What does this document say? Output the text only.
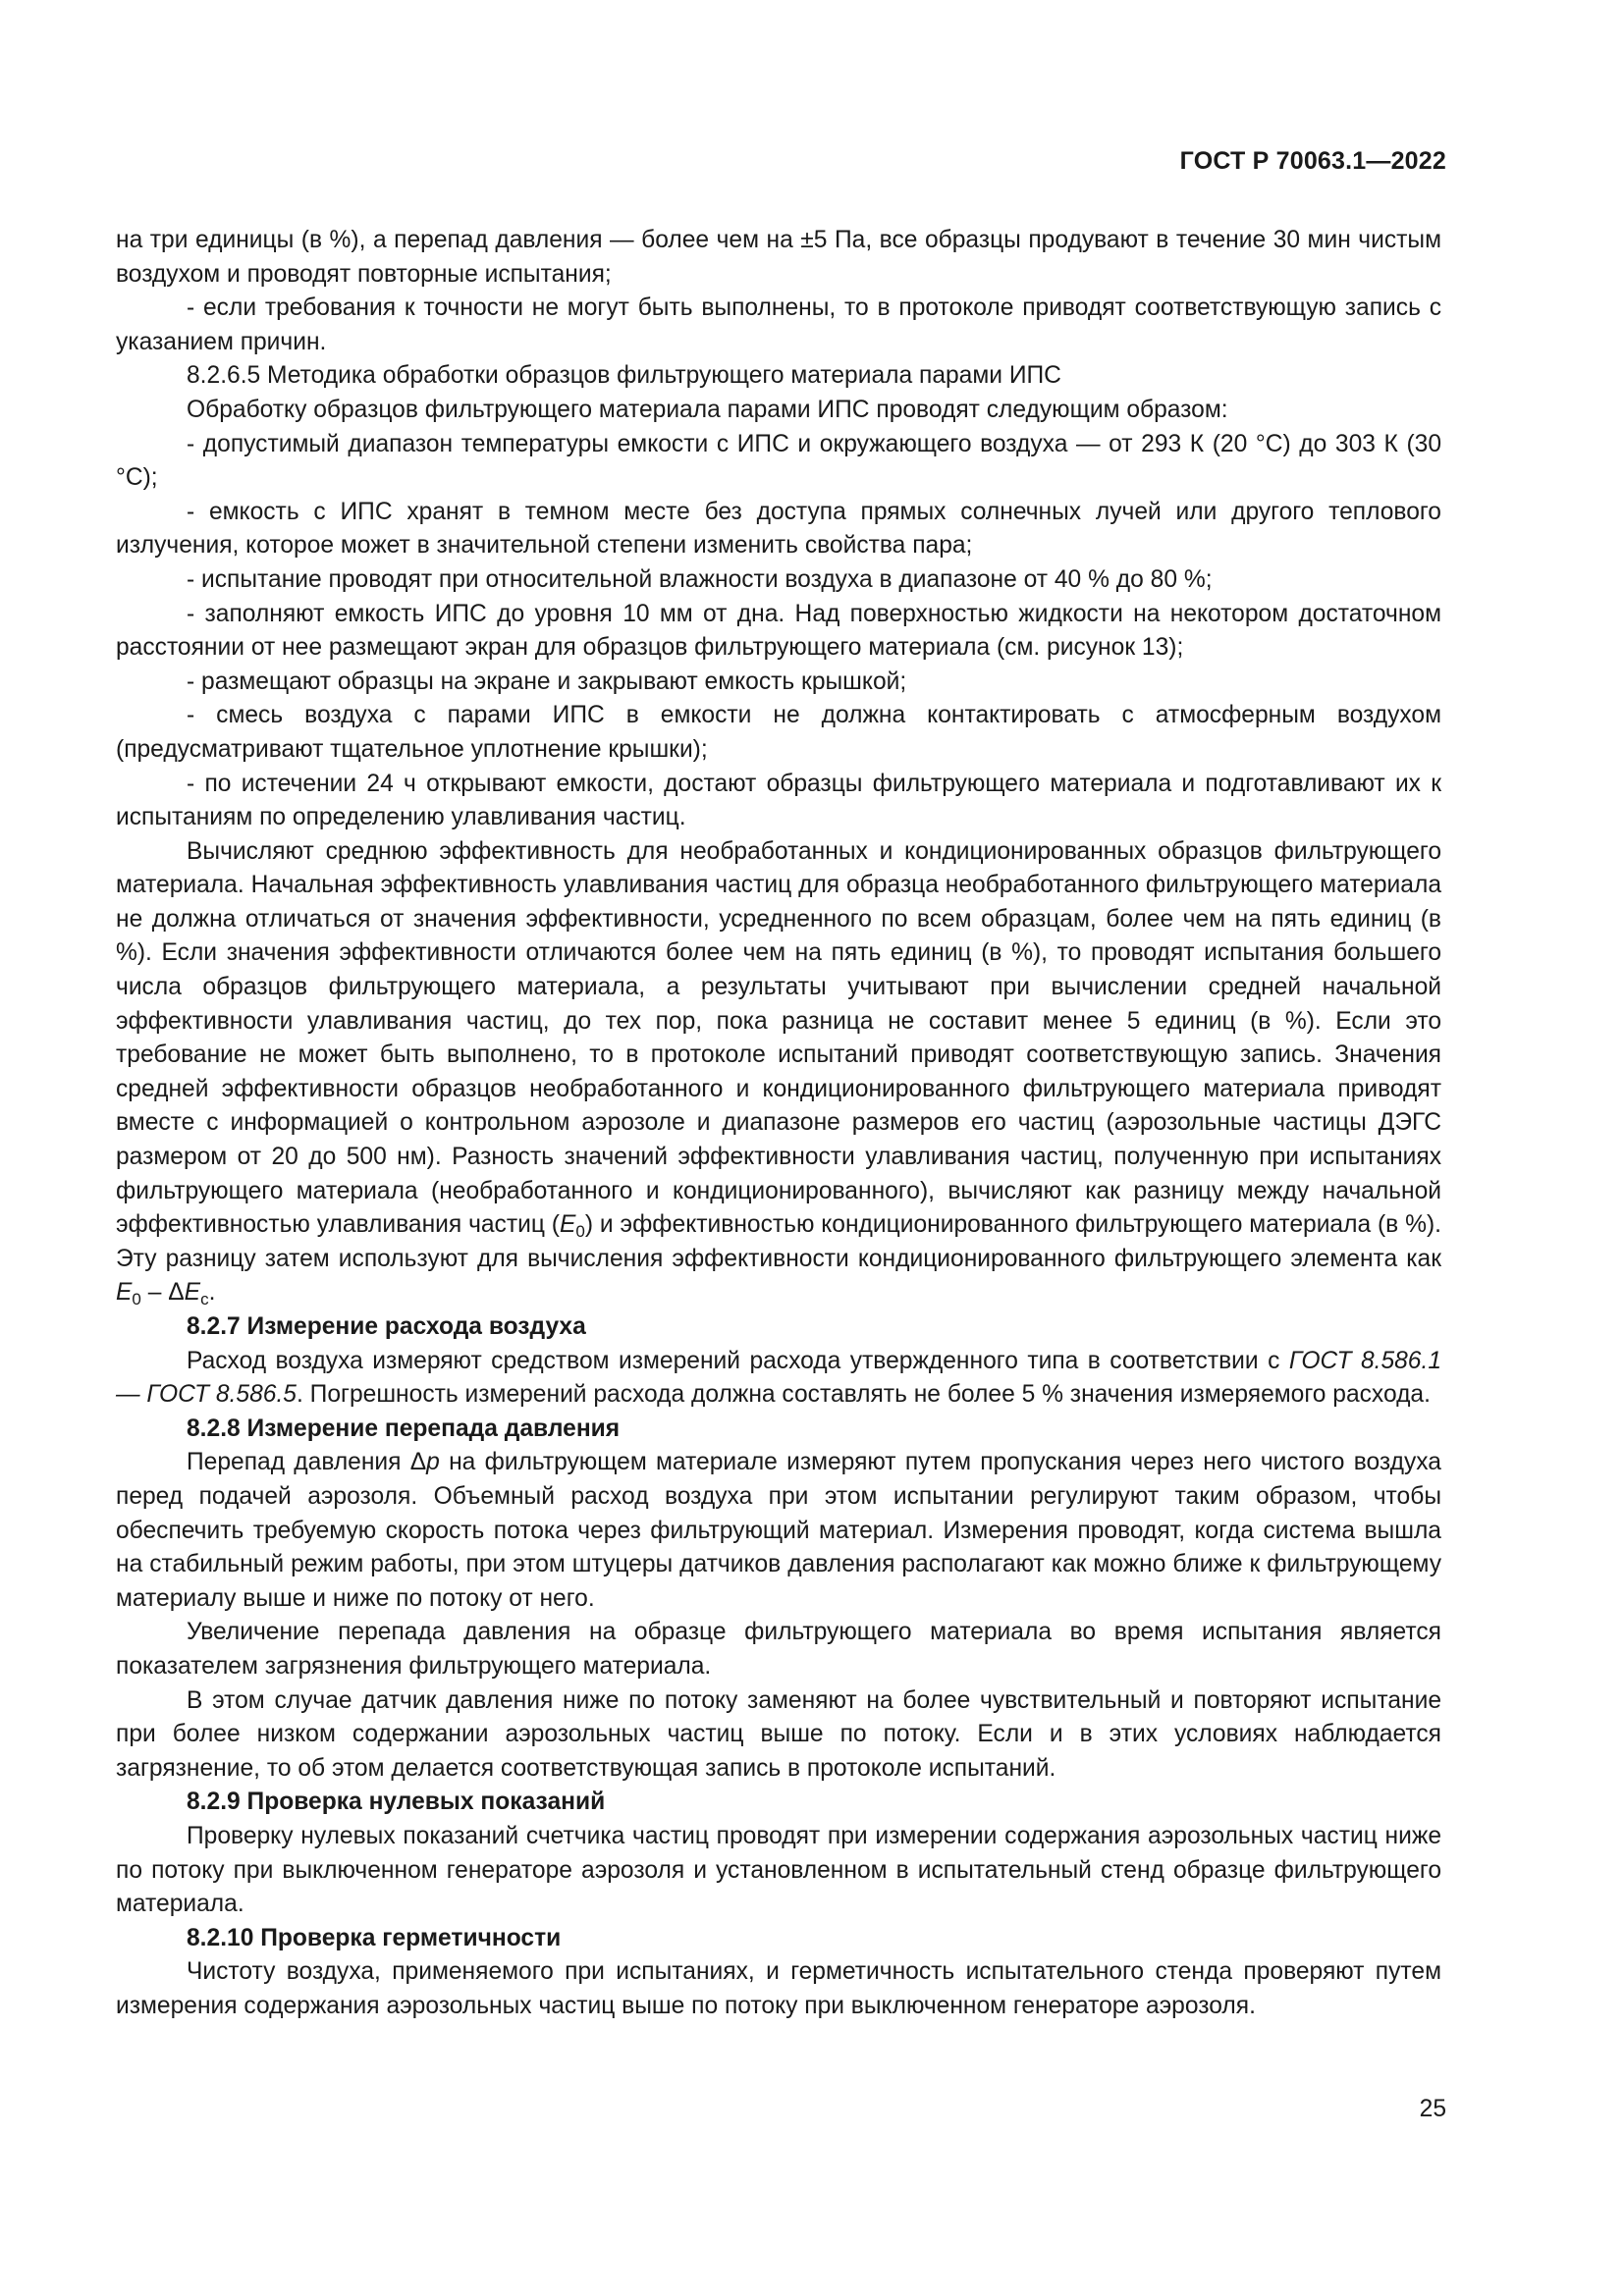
ГОСТ Р 70063.1—2022

на три единицы (в %), а перепад давления — более чем на ±5 Па, все образцы продувают в течение 30 мин чистым воздухом и проводят повторные испытания;

- если требования к точности не могут быть выполнены, то в протоколе приводят соответствующую запись с указанием причин.

8.2.6.5 Методика обработки образцов фильтрующего материала парами ИПС

Обработку образцов фильтрующего материала парами ИПС проводят следующим образом:

- допустимый диапазон температуры емкости с ИПС и окружающего воздуха — от 293 К (20 °С) до 303 К (30 °С);

- емкость с ИПС хранят в темном месте без доступа прямых солнечных лучей или другого теплового излучения, которое может в значительной степени изменить свойства пара;

- испытание проводят при относительной влажности воздуха в диапазоне от 40 % до 80 %;

- заполняют емкость ИПС до уровня 10 мм от дна. Над поверхностью жидкости на некотором достаточном расстоянии от нее размещают экран для образцов фильтрующего материала (см. рисунок 13);

- размещают образцы на экране и закрывают емкость крышкой;

- смесь воздуха с парами ИПС в емкости не должна контактировать с атмосферным воздухом (предусматривают тщательное уплотнение крышки);

- по истечении 24 ч открывают емкости, достают образцы фильтрующего материала и подготавливают их к испытаниям по определению улавливания частиц.

Вычисляют среднюю эффективность для необработанных и кондиционированных образцов фильтрующего материала. Начальная эффективность улавливания частиц для образца необработанного фильтрующего материала не должна отличаться от значения эффективности, усредненного по всем образцам, более чем на пять единиц (в %). Если значения эффективности отличаются более чем на пять единиц (в %), то проводят испытания большего числа образцов фильтрующего материала, а результаты учитывают при вычислении средней начальной эффективности улавливания частиц, до тех пор, пока разница не составит менее 5 единиц (в %). Если это требование не может быть выполнено, то в протоколе испытаний приводят соответствующую запись. Значения средней эффективности образцов необработанного и кондиционированного фильтрующего материала приводят вместе с информацией о контрольном аэрозоле и диапазоне размеров его частиц (аэрозольные частицы ДЭГС размером от 20 до 500 нм). Разность значений эффективности улавливания частиц, полученную при испытаниях фильтрующего материала (необработанного и кондиционированного), вычисляют как разницу между начальной эффективностью улавливания частиц $(E_0)$ и эффективностью кондиционированного фильтрующего материала (в %). Эту разницу затем используют для вычисления эффективности кондиционированного фильтрующего элемента как $E_0 - \Delta E_c$.

8.2.7 Измерение расхода воздуха

Расход воздуха измеряют средством измерений расхода утвержденного типа в соответствии с ГОСТ 8.586.1 — ГОСТ 8.586.5. Погрешность измерений расхода должна составлять не более 5 % значения измеряемого расхода.

8.2.8 Измерение перепада давления

Перепад давления Δp на фильтрующем материале измеряют путем пропускания через него чистого воздуха перед подачей аэрозоля. Объемный расход воздуха при этом испытании регулируют таким образом, чтобы обеспечить требуемую скорость потока через фильтрующий материал. Измерения проводят, когда система вышла на стабильный режим работы, при этом штуцеры датчиков давления располагают как можно ближе к фильтрующему материалу выше и ниже по потоку от него.

Увеличение перепада давления на образце фильтрующего материала во время испытания является показателем загрязнения фильтрующего материала.

В этом случае датчик давления ниже по потоку заменяют на более чувствительный и повторяют испытание при более низком содержании аэрозольных частиц выше по потоку. Если и в этих условиях наблюдается загрязнение, то об этом делается соответствующая запись в протоколе испытаний.

8.2.9 Проверка нулевых показаний

Проверку нулевых показаний счетчика частиц проводят при измерении содержания аэрозольных частиц ниже по потоку при выключенном генераторе аэрозоля и установленном в испытательный стенд образце фильтрующего материала.

8.2.10 Проверка герметичности

Чистоту воздуха, применяемого при испытаниях, и герметичность испытательного стенда проверяют путем измерения содержания аэрозольных частиц выше по потоку при выключенном генераторе аэрозоля.

25
